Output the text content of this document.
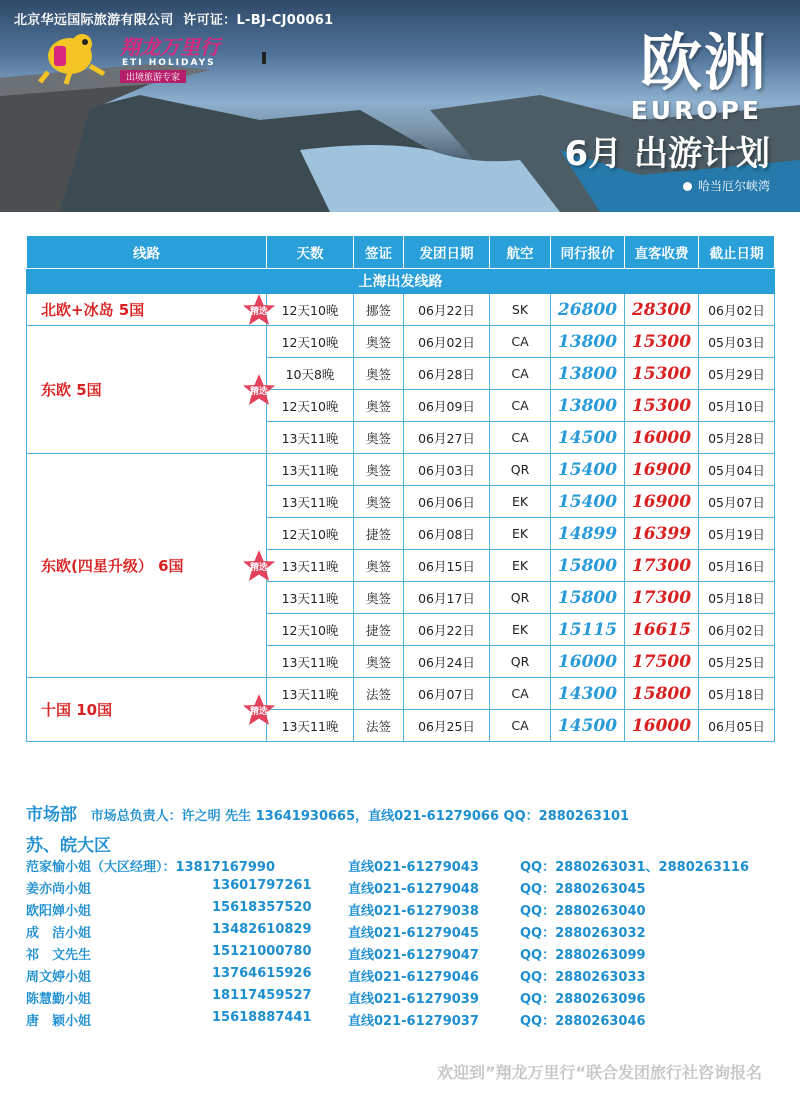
北京华远国际旅游有限公司 许可证：L-BJ-CJ00061
翔龙万里行
ETI HOLIDAYS
出境旅游专家	欧洲
EUROPE
6月 出游计划
哈当厄尔峡湾
线路	天数	签证	发团日期	航空	同行报价	直客收费	截止日期
上海出发线路							
北欧+冰岛 5国 精选	12天10晚	挪签	06月22日	SK	26800	28300	06月02日
东欧 5国 精选	12天10晚	奥签	06月02日	CA	13800	15300	05月03日
	10天8晚	奥签	06月28日	CA	13800	15300	05月29日
	12天10晚	奥签	06月09日	CA	13800	15300	05月10日
	13天11晚	奥签	06月27日	CA	14500	16000	05月28日
东欧(四星升级） 6国 精选	13天11晚	奥签	06月03日	QR	15400	16900	05月04日
	13天11晚	奥签	06月06日	EK	15400	16900	05月07日
	12天10晚	捷签	06月08日	EK	14899	16399	05月19日
	13天11晚	奥签	06月15日	EK	15800	17300	05月16日
	13天11晚	奥签	06月17日	QR	15800	17300	05月18日
	12天10晚	捷签	06月22日	EK	15115	16615	06月02日
	13天11晚	奥签	06月24日	QR	16000	17500	05月25日
十国 10国 精选	13天11晚	法签	06月07日	CA	14300	15800	05月18日
	13天11晚	法签	06月25日	CA	14500	16000	06月05日
市场部 市场总负责人：许之明 先生 13641930665，直线021-61279066 QQ：2880263101
苏、皖大区
范家愉小姐（大区经理）：13817167990	直线021-61279043	QQ：2880263031、2880263116
姜亦尚小姐	13601797261	直线021-61279048	QQ：2880263045
欧阳婵小姐	15618357520	直线021-61279038	QQ：2880263040
成　洁小姐	13482610829	直线021-61279045	QQ：2880263032
祁　文先生	15121000780	直线021-61279047	QQ：2880263099
周文婷小姐	13764615926	直线021-61279046	QQ：2880263033
陈慧勤小姐	18117459527	直线021-61279039	QQ：2880263096
唐　颖小姐	15618887441	直线021-61279037	QQ：2880263046
欢迎到”翔龙万里行“联合发团旅行社咨询报名
